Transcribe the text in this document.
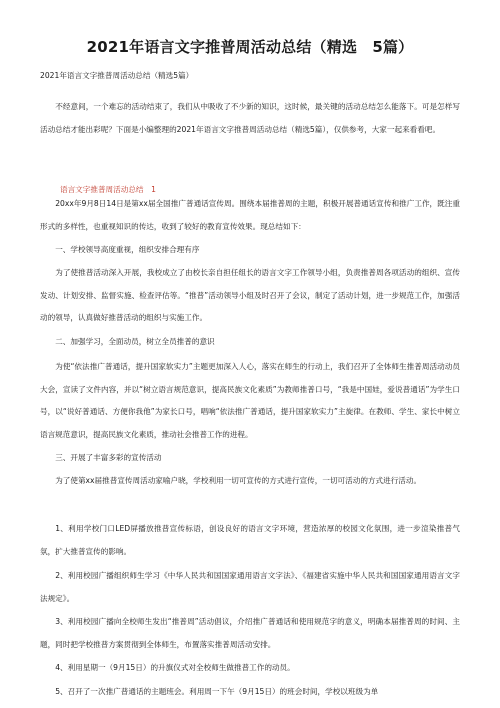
2021年语言文字推普周活动总结（精选　5篇）
2021年语言文字推普周活动总结（精选5篇）

不经意间，一个难忘的活动结束了，我们从中吸收了不少新的知识，这时候，最关键的活动总结怎么能落下。可是怎样写活动总结才能出彩呢？下面是小编整理的2021年语言文字推普周活动总结（精选5篇），仅供参考，大家一起来看看吧。

语言文字推普周活动总结　1

20xx年9月8日14日是第xx届全国推广普通话宣传周。围绕本届推普周的主题，积极开展普通话宣传和推广工作，既注重形式的多样性，也重视知识的传达，收到了较好的教育宣传效果。现总结如下：

一、学校领导高度重视，组织安排合理有序

为了使推普活动深入开展，我校成立了由校长亲自担任组长的语言文字工作领导小组，负责推普周各项活动的组织、宣传发动、计划安排、监督实施、检查评估等。“推普”活动领导小组及时召开了会议，制定了活动计划，进一步规范工作，加强活动的领导，认真做好推普活动的组织与实施工作。

二、加强学习，全面动员，树立全员推普的意识

为使“依法推广普通话，提升国家软实力”主题更加深入人心，落实在师生的行动上，我们召开了全体师生推普周活动动员大会，宣读了文件内容，并以“树立语言规范意识，提高民族文化素质”为教师推普口号，“我是中国娃，爱说普通话”为学生口号，以“说好普通话、方便你我他”为家长口号，唱响“依法推广普通话，提升国家软实力”主旋律。在教师、学生、家长中树立语言规范意识，提高民族文化素质，推动社会推普工作的进程。

三、开展了丰富多彩的宣传活动

为了使第xx届推普宣传周活动家喻户晓，学校利用一切可宣传的方式进行宣传，一切可活动的方式进行活动。

1、利用学校门口LED屏播放推普宣传标语，创设良好的语言文字环境，营造浓厚的校园文化氛围，进一步渲染推普气氛，扩大推普宣传的影响。

2、利用校园广播组织师生学习《中华人民共和国国家通用语言文字法》、《福建省实施中华人民共和国国家通用语言文字法规定》。

3、利用校园广播向全校师生发出“推普周”活动倡议，介绍推广普通话和使用规范字的意义，明确本届推普周的时间、主题，同时把学校推普方案贯彻到全体师生，布置落实推普周活动安排。

4、利用星期一（9月15日）的升旗仪式对全校师生做推普工作的动员。

5、召开了一次推广普通话的主题班会。利用周一下午（9月15日）的班会时间，学校以班级为单
